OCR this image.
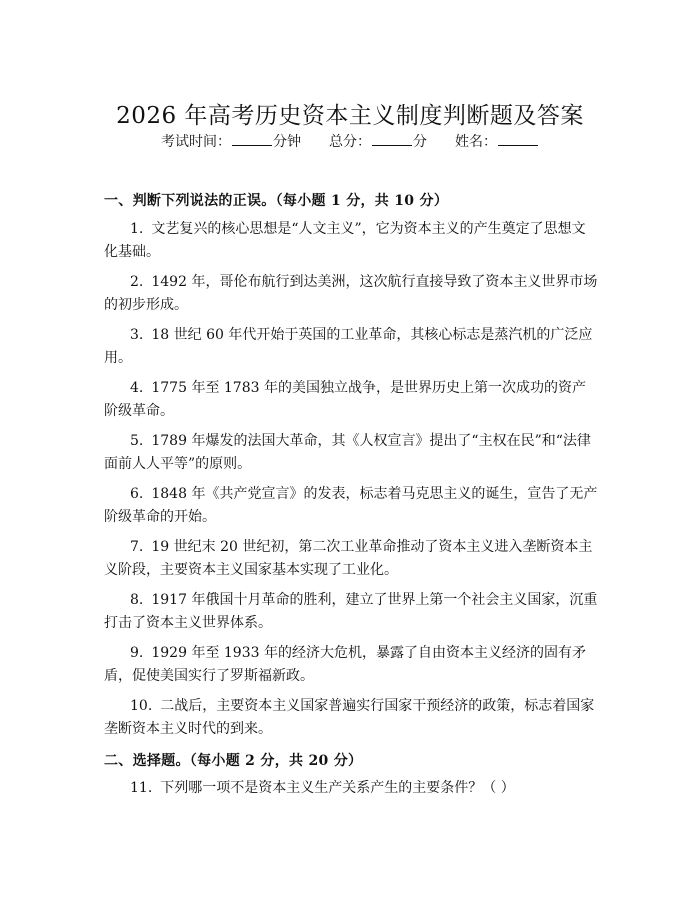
2026 年高考历史资本主义制度判断题及答案
考试时间：	分钟 总分：	分 姓名：
一、判断下列说法的正误。（每小题 1 分，共 10 分）
1. 文艺复兴的核心思想是“人文主义”，它为资本主义的产生奠定了思想文化基础。
2. 1492 年，哥伦布航行到达美洲，这次航行直接导致了资本主义世界市场的初步形成。
3. 18 世纪 60 年代开始于英国的工业革命，其核心标志是蒸汽机的广泛应用。
4. 1775 年至 1783 年的美国独立战争，是世界历史上第一次成功的资产阶级革命。
5. 1789 年爆发的法国大革命，其《人权宣言》提出了“主权在民”和“法律面前人人平等”的原则。
6. 1848 年《共产党宣言》的发表，标志着马克思主义的诞生，宣告了无产阶级革命的开始。
7. 19 世纪末 20 世纪初，第二次工业革命推动了资本主义进入垄断资本主义阶段，主要资本主义国家基本实现了工业化。
8. 1917 年俄国十月革命的胜利，建立了世界上第一个社会主义国家，沉重打击了资本主义世界体系。
9. 1929 年至 1933 年的经济大危机，暴露了自由资本主义经济的固有矛盾，促使美国实行了罗斯福新政。
10. 二战后，主要资本主义国家普遍实行国家干预经济的政策，标志着国家垄断资本主义时代的到来。
二、选择题。（每小题 2 分，共 20 分）
11. 下列哪一项不是资本主义生产关系产生的主要条件？（ ）
